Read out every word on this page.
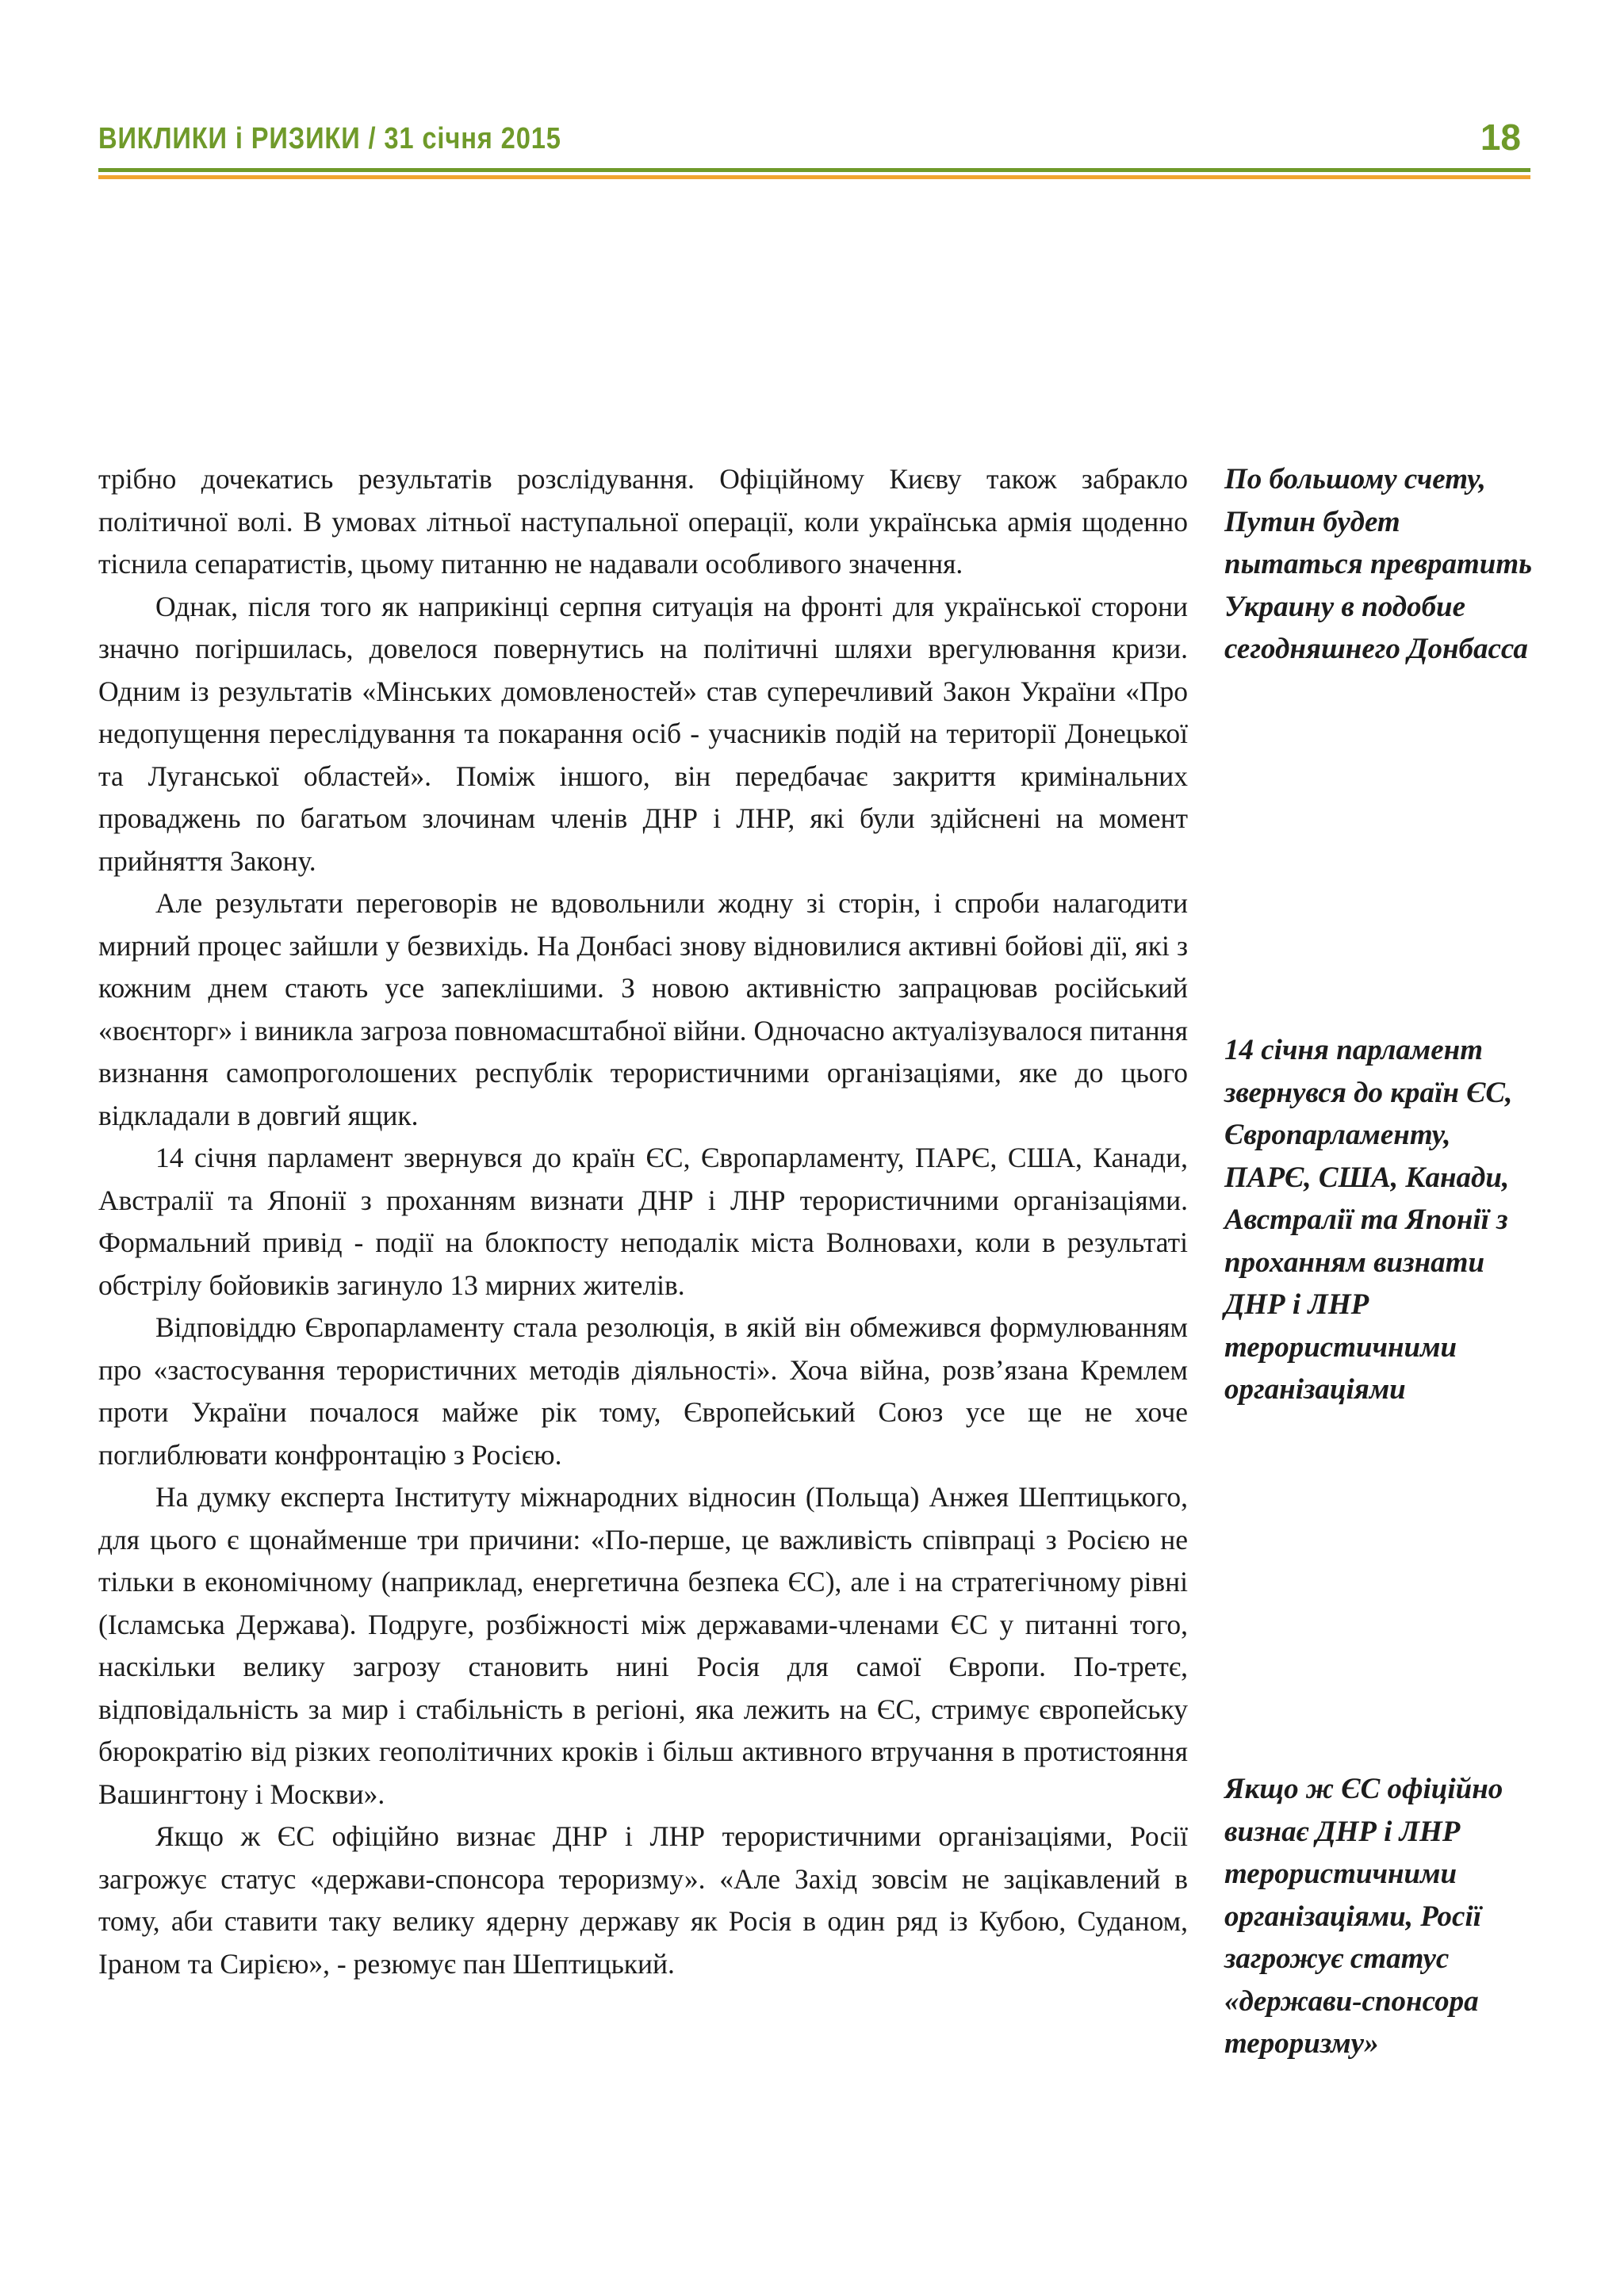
ВИКЛИКИ і РИЗИКИ / 31 січня 2015	18

трібно дочекатись результатів розслідування. Офіційному Києву також забракло політичної волі. В умовах літньої наступальної операції, коли українська армія щоденно тіснила сепаратистів, цьому питанню не надавали особливого значення.

Однак, після того як наприкінці серпня ситуація на фронті для української сторони значно погіршилась, довелося повернутись на політичні шляхи врегулювання кризи. Одним із результатів «Мінських домовленостей» став суперечливий Закон України «Про недопущення переслідування та покарання осіб - учасників подій на території Донецької та Луганської областей». Поміж іншого, він передбачає закриття кримінальних проваджень по багатьом злочинам членів ДНР і ЛНР, які були здійснені на момент прийняття Закону.

Але результати переговорів не вдовольнили жодну зі сторін, і спроби налагодити мирний процес зайшли у безвихідь. На Донбасі знову відновилися активні бойові дії, які з кожним днем стають усе запеклішими. З новою активністю запрацював російський «воєнторг» і виникла загроза повномасштабної війни. Одночасно актуалізувалося питання визнання самопроголошених республік терористичними організаціями, яке до цього відкладали в довгий ящик.

14 січня парламент звернувся до країн ЄС, Європарламенту, ПАРЄ, США, Канади, Австралії та Японії з проханням визнати ДНР і ЛНР терористичними організаціями. Формальний привід - події на блокпосту неподалік міста Волновахи, коли в результаті обстрілу бойовиків загинуло 13 мирних жителів.

Відповіддю Європарламенту стала резолюція, в якій він обмежився формулюванням про «застосування терористичних методів діяльності». Хоча війна, розв’язана Кремлем проти України почалося майже рік тому, Європейський Союз усе ще не хоче поглиблювати конфронтацію з Росією.

На думку експерта Інституту міжнародних відносин (Польща) Анжея Шептицького, для цього є щонайменше три причини: «По-перше, це важливість співпраці з Росією не тільки в економічному (наприклад, енергетична безпека ЄС), але і на стратегічному рівні (Ісламська Держава). Подруге, розбіжності між державами-членами ЄС у питанні того, наскільки велику загрозу становить нині Росія для самої Європи. По-третє, відповідальність за мир і стабільність в регіоні, яка лежить на ЄС, стримує європейську бюрократію від різких геополітичних кроків і більш активного втручання в протистояння Вашингтону і Москви».

Якщо ж ЄС офіційно визнає ДНР і ЛНР терористичними організаціями, Росії загрожує статус «держави-спонсора тероризму». «Але Захід зовсім не зацікавлений в тому, аби ставити таку велику ядерну державу як Росія в один ряд із Кубою, Суданом, Іраном та Сирією», - резюмує пан Шептицький.

По большому счету, Путин будет пытаться превратить Украину в подобие сегодняшнего Донбасса

14 січня парламент звернувся до країн ЄС, Європарламенту, ПАРЄ, США, Канади, Австралії та Японії з проханням визнати ДНР і ЛНР терористичними організаціями

Якщо ж ЄС офіційно визнає ДНР і ЛНР терористичними організаціями, Росії загрожує статус «держави-спонсора тероризму»
